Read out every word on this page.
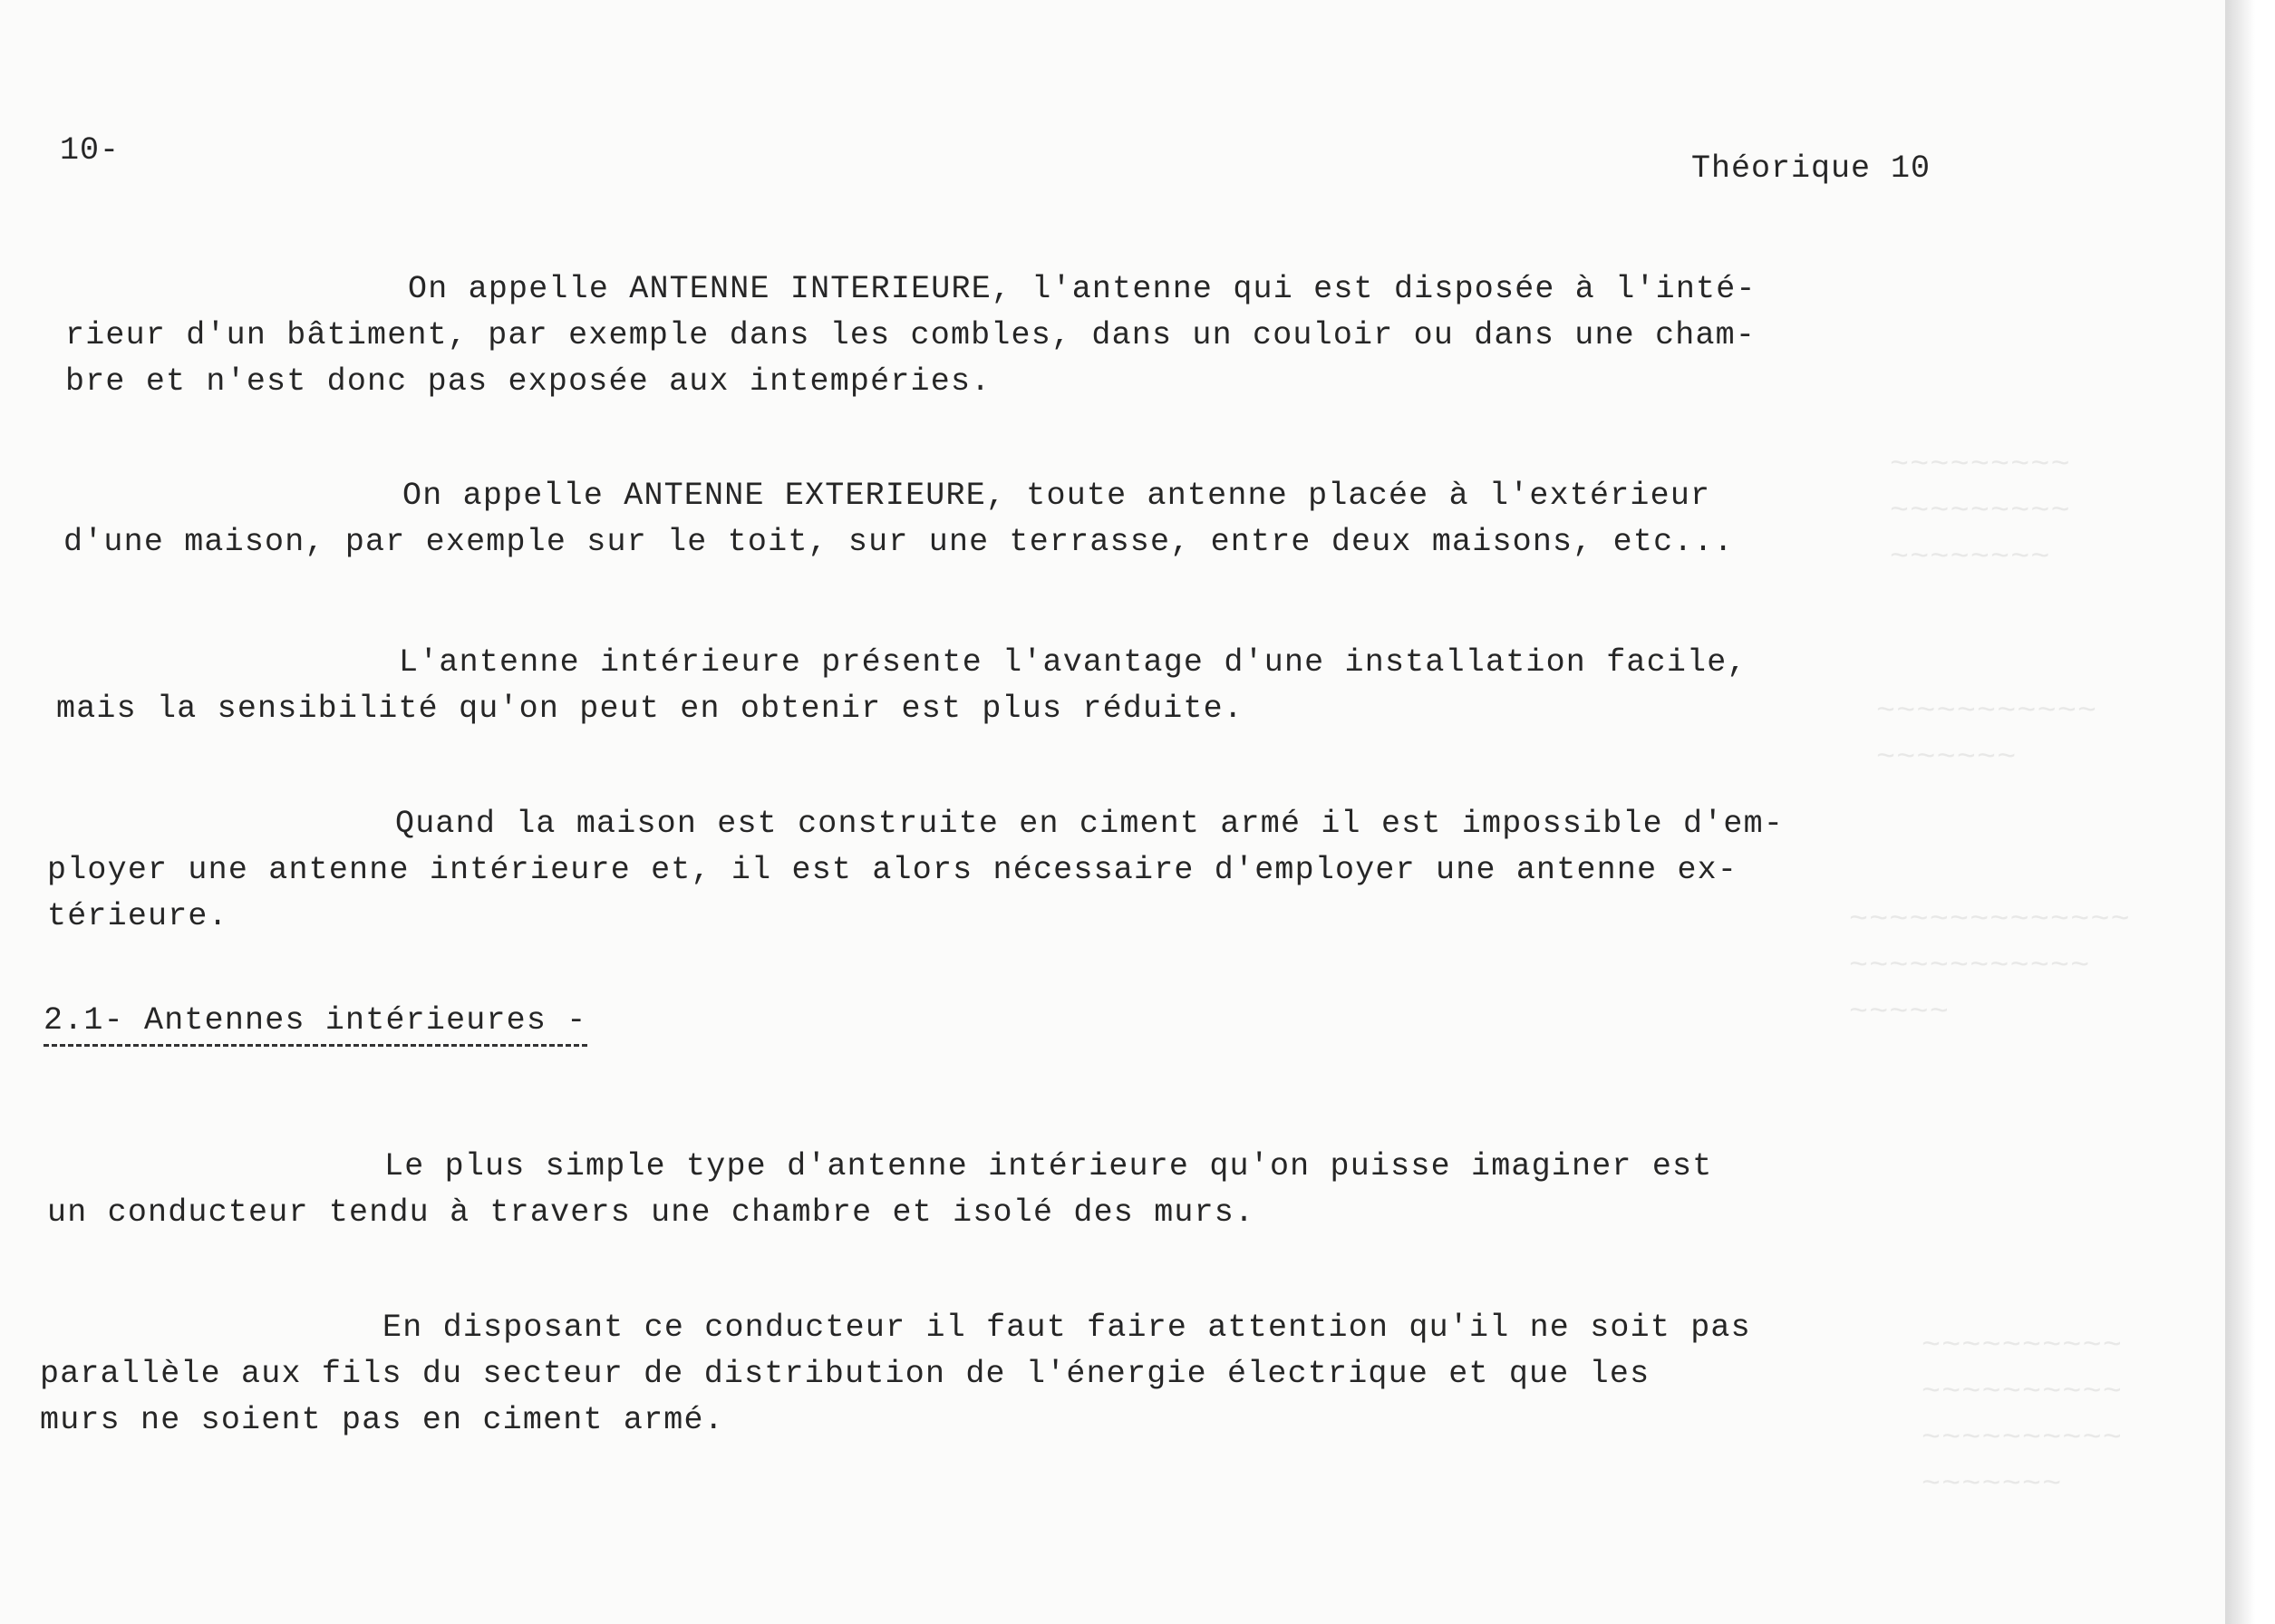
~~~~~~~~~
~~~~~~~~~
~~~~~~~~
~~~~~~~~~~~
~~~~~~~
~~~~~~~~~~~~~~
~~~~~~~~~~~~
~~~~~
~~~~~~~~~~
~~~~~~~~~~
~~~~~~~~~~
~~~~~~~
10-	Théorique 10

On appelle ANTENNE INTERIEURE, l'antenne qui est disposée à l'inté-
rieur d'un bâtiment, par exemple dans les combles, dans un couloir ou dans une cham-
bre et n'est donc pas exposée aux intempéries.

On appelle ANTENNE EXTERIEURE, toute antenne placée à l'extérieur
d'une maison, par exemple sur le toit, sur une terrasse, entre deux maisons, etc...

L'antenne intérieure présente l'avantage d'une installation facile,
mais la sensibilité qu'on peut en obtenir est plus réduite.

Quand la maison est construite en ciment armé il est impossible d'em-
ployer une antenne intérieure et, il est alors nécessaire d'employer une antenne ex-
térieure.

2.1- Antennes intérieures -

Le plus simple type d'antenne intérieure qu'on puisse imaginer est
un conducteur tendu à travers une chambre et isolé des murs.

En disposant ce conducteur il faut faire attention qu'il ne soit pas
parallèle aux fils du secteur de distribution de l'énergie électrique et que les
murs ne soient pas en ciment armé.
